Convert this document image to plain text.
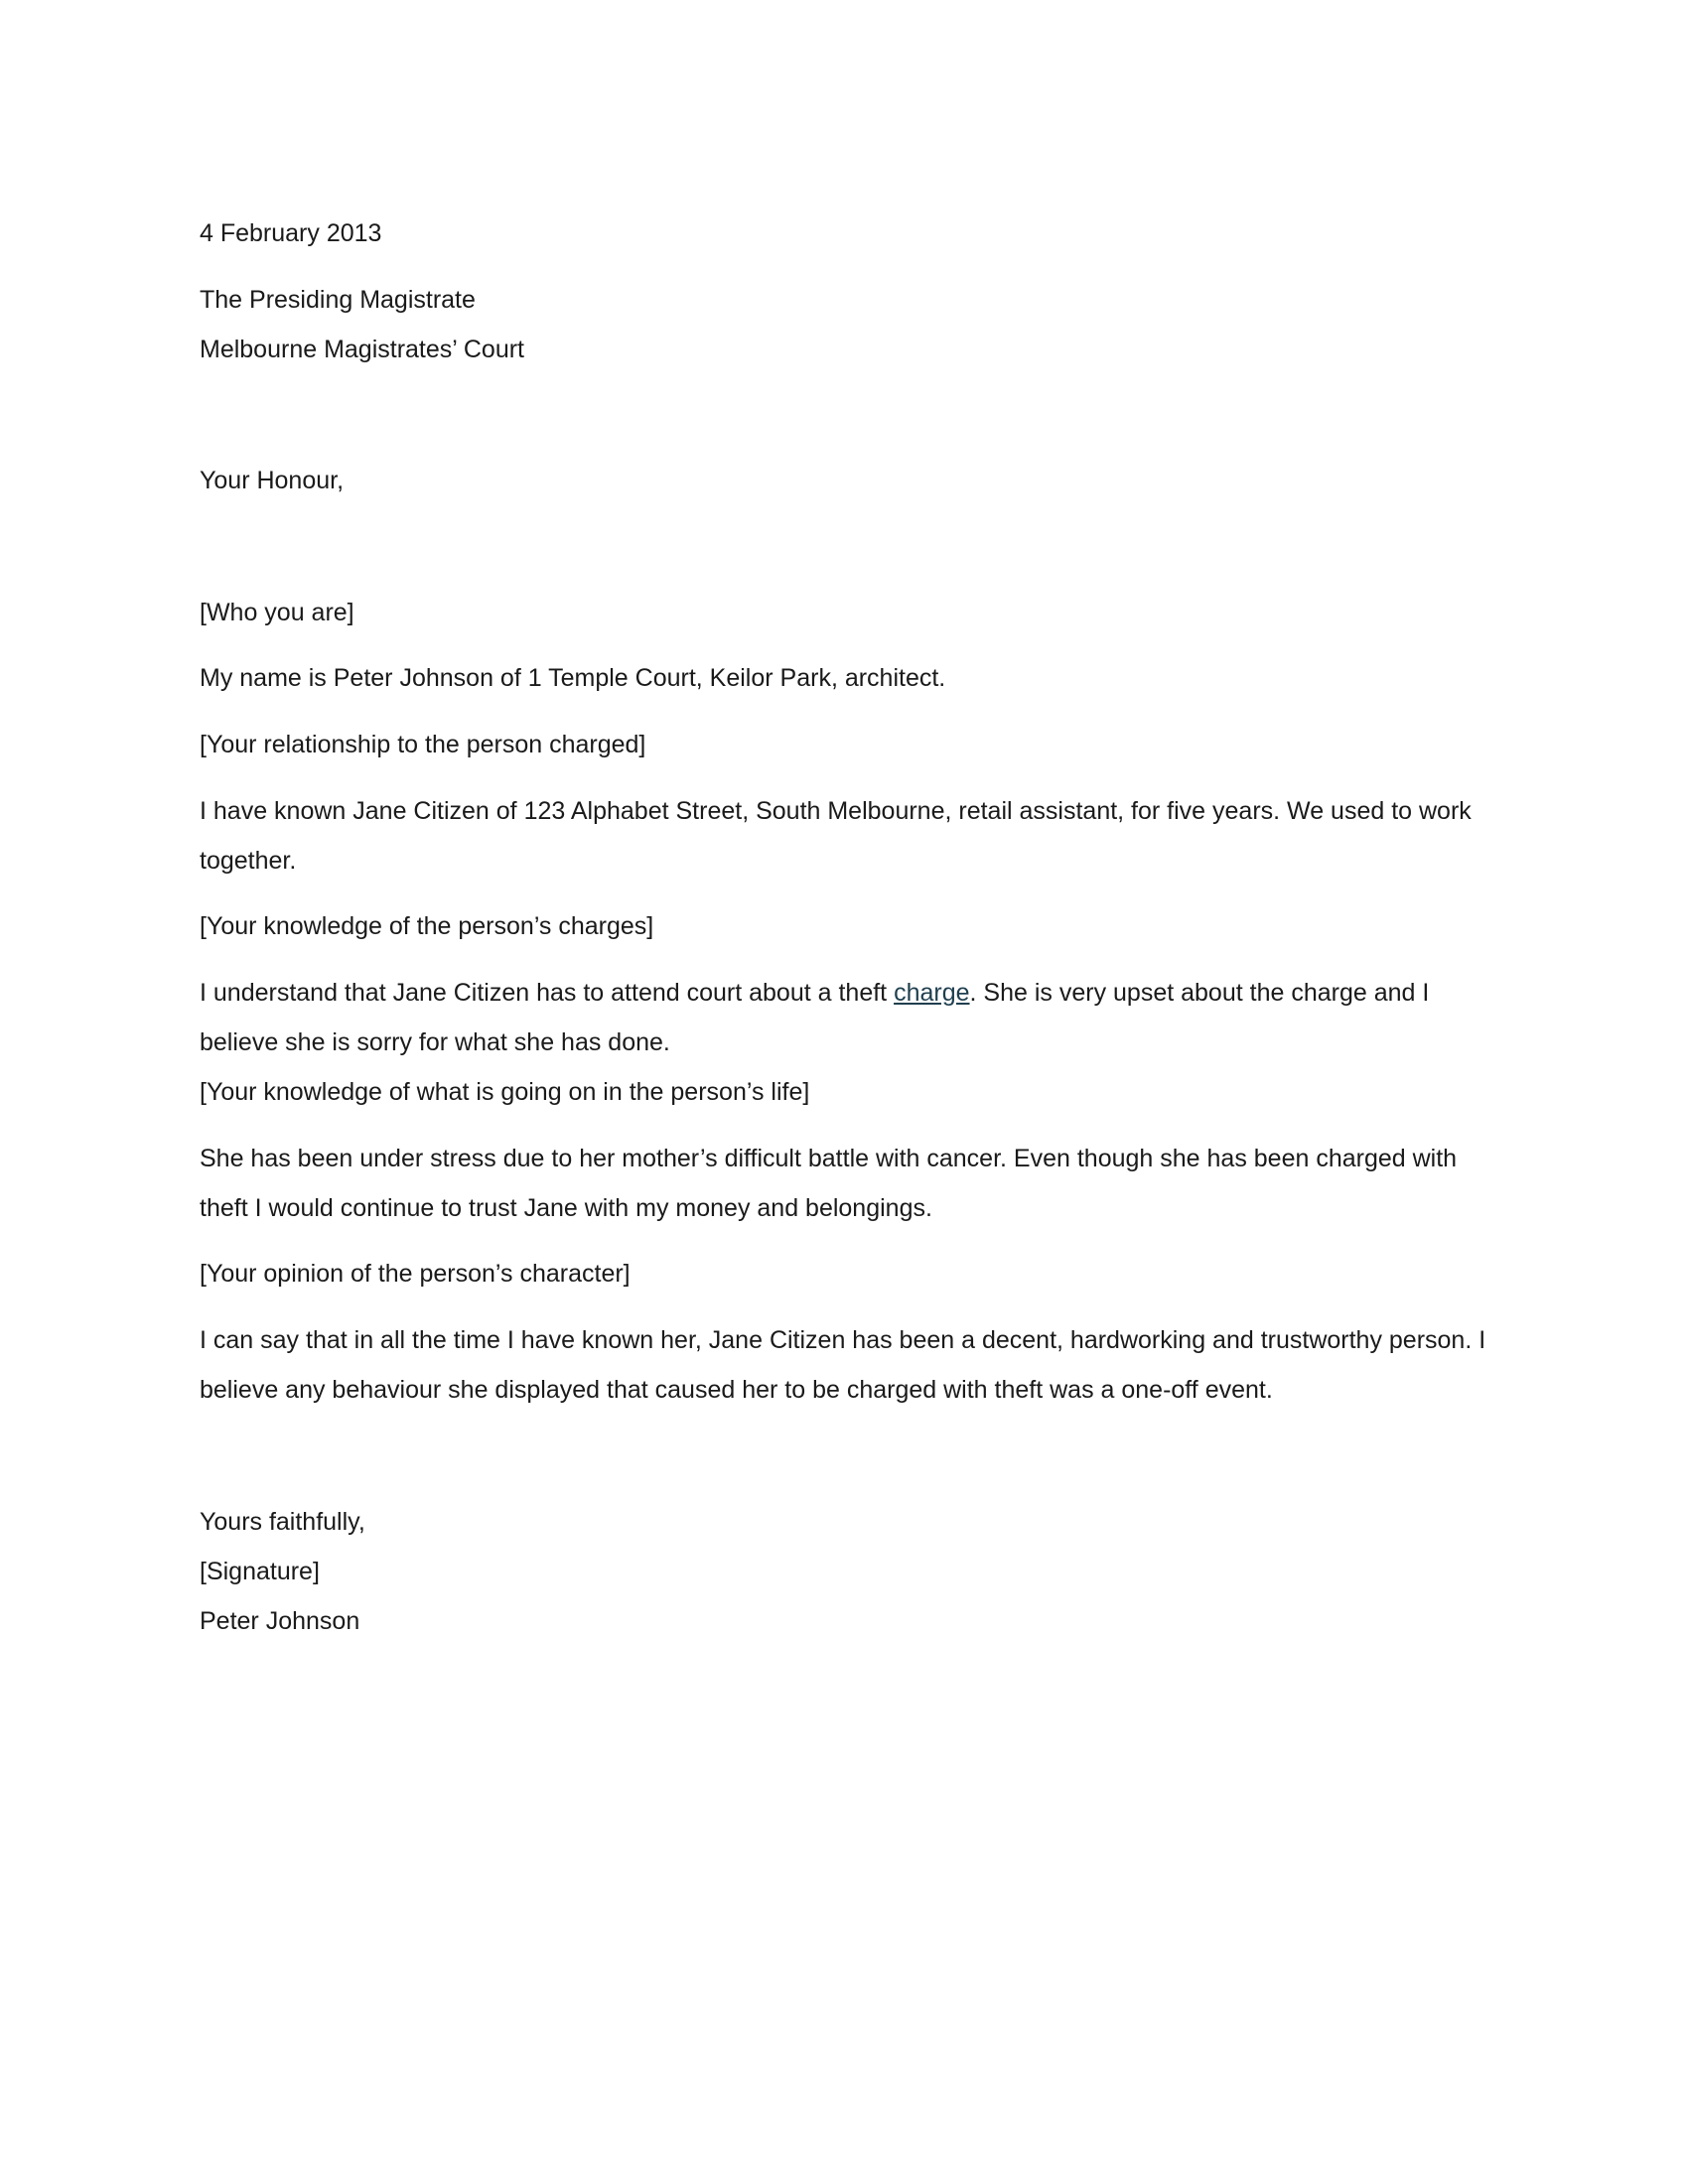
4 February 2013

The Presiding Magistrate

Melbourne Magistrates’ Court

Your Honour,

[Who you are]

My name is Peter Johnson of 1 Temple Court, Keilor Park, architect.

[Your relationship to the person charged]

I have known Jane Citizen of 123 Alphabet Street, South Melbourne, retail assistant, for five years. We used to work

together.

[Your knowledge of the person’s charges]

I understand that Jane Citizen has to attend court about a theft charge. She is very upset about the charge and I

believe she is sorry for what she has done.

[Your knowledge of what is going on in the person’s life]

She has been under stress due to her mother’s difficult battle with cancer. Even though she has been charged with

theft I would continue to trust Jane with my money and belongings.

[Your opinion of the person’s character]

I can say that in all the time I have known her, Jane Citizen has been a decent, hardworking and trustworthy person. I

believe any behaviour she displayed that caused her to be charged with theft was a one-off event.

Yours faithfully,

[Signature]

Peter Johnson
